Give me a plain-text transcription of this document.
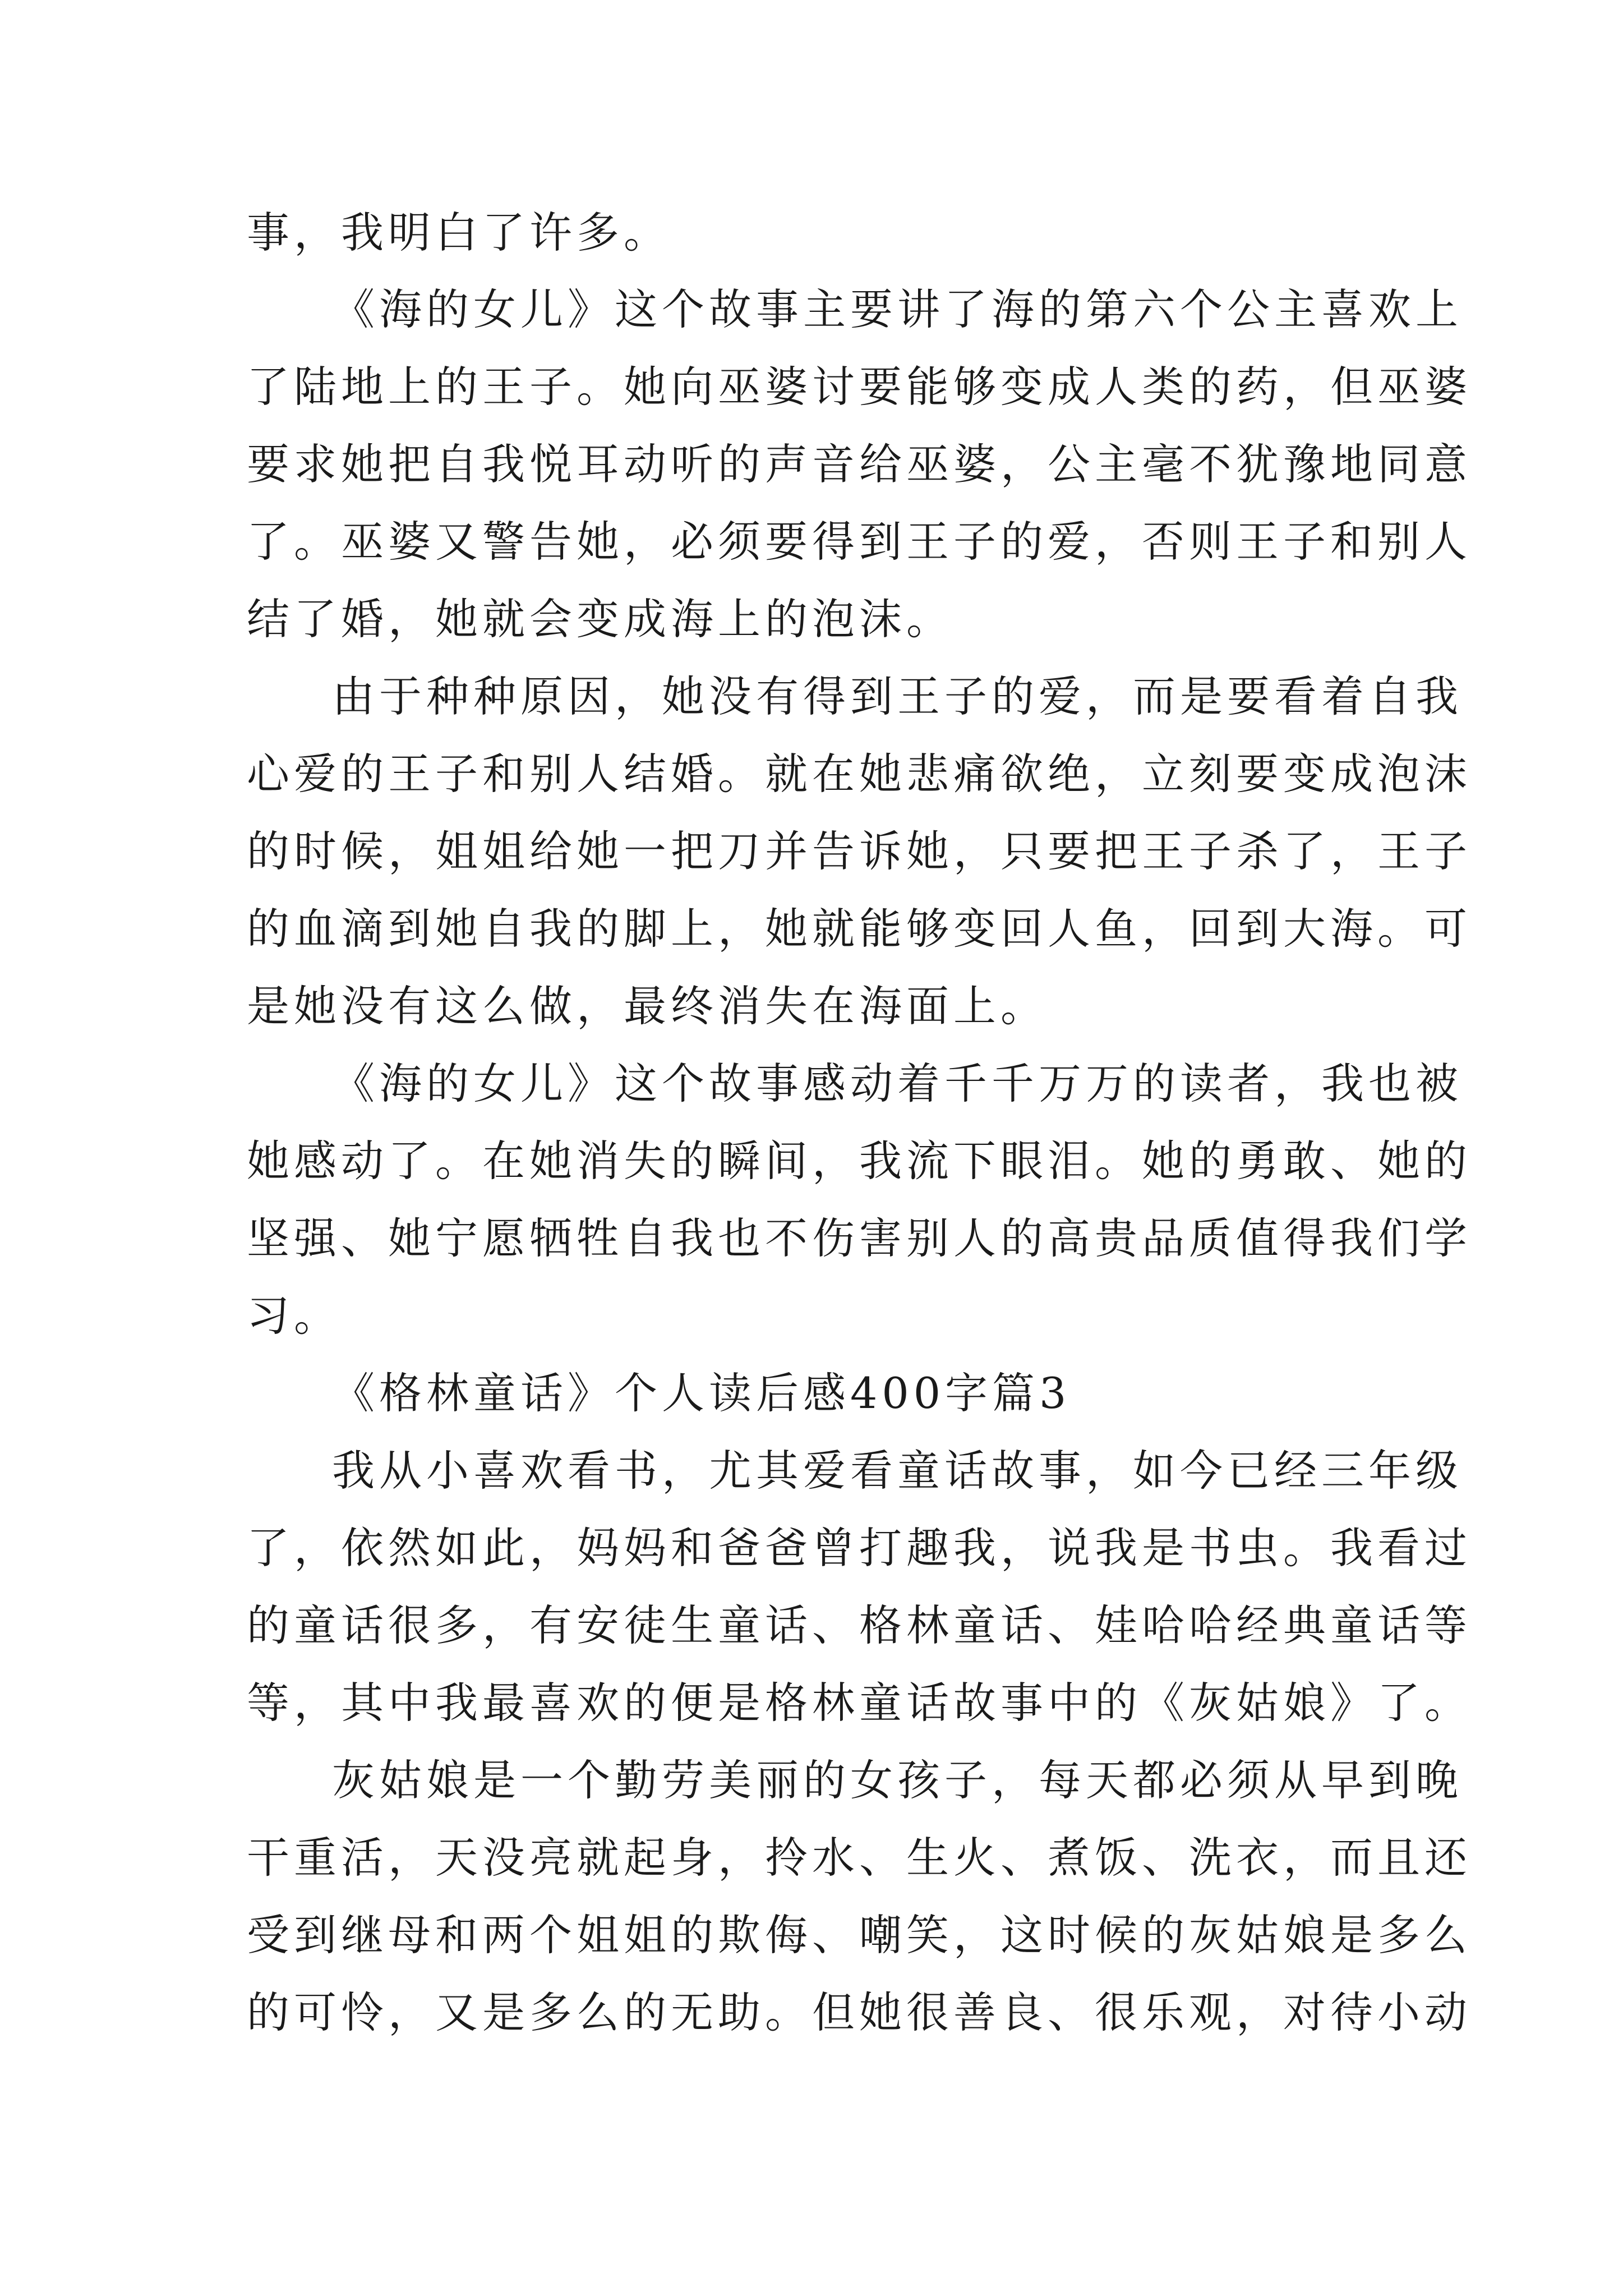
事，我明白了许多。
《海的女儿》这个故事主要讲了海的第六个公主喜欢上
了陆地上的王子。她向巫婆讨要能够变成人类的药，但巫婆
要求她把自我悦耳动听的声音给巫婆，公主毫不犹豫地同意
了。巫婆又警告她，必须要得到王子的爱，否则王子和别人
结了婚，她就会变成海上的泡沫。
由于种种原因，她没有得到王子的爱，而是要看着自我
心爱的王子和别人结婚。就在她悲痛欲绝，立刻要变成泡沫
的时候，姐姐给她一把刀并告诉她，只要把王子杀了，王子
的血滴到她自我的脚上，她就能够变回人鱼，回到大海。可
是她没有这么做，最终消失在海面上。
《海的女儿》这个故事感动着千千万万的读者，我也被
她感动了。在她消失的瞬间，我流下眼泪。她的勇敢、她的
坚强、她宁愿牺牲自我也不伤害别人的高贵品质值得我们学
习。
《格林童话》个人读后感400字篇3
我从小喜欢看书，尤其爱看童话故事，如今已经三年级
了，依然如此，妈妈和爸爸曾打趣我，说我是书虫。我看过
的童话很多，有安徒生童话、格林童话、娃哈哈经典童话等
等，其中我最喜欢的便是格林童话故事中的《灰姑娘》了。
灰姑娘是一个勤劳美丽的女孩子，每天都必须从早到晚
干重活，天没亮就起身，拎水、生火、煮饭、洗衣，而且还
受到继母和两个姐姐的欺侮、嘲笑，这时候的灰姑娘是多么
的可怜，又是多么的无助。但她很善良、很乐观，对待小动
